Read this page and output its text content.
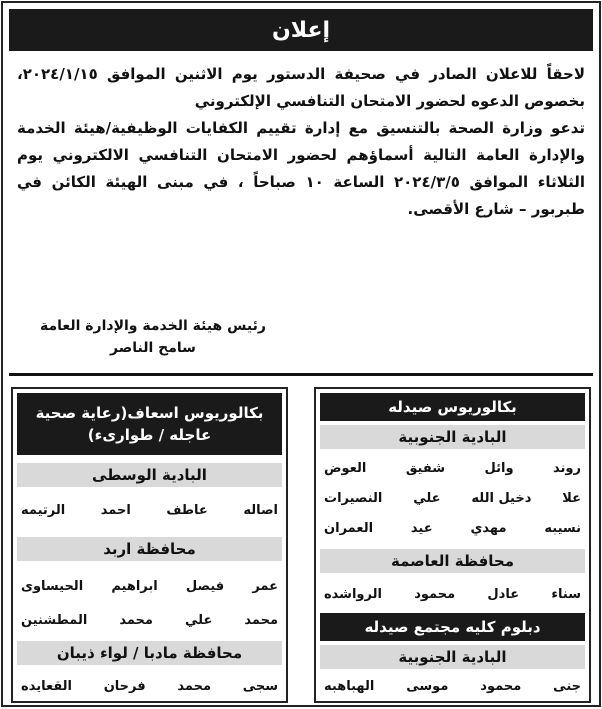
إعلان

لاحقاً للاعلان الصادر في صحيفة الدستور يوم الاثنين الموافق ٢٠٢٤/١/١٥، بخصوص الدعوه لحضور الامتحان التنافسي الإلكتروني

تدعو وزارة الصحة بالتنسيق مع إدارة تقييم الكفايات الوظيفية/هيئة الخدمة والإدارة العامة التالية أسماؤهم لحضور الامتحان التنافسي الالكتروني يوم الثلاثاء الموافق ٢٠٢٤/٣/٥ الساعة ١٠ صباحاً ، في مبنى الهيئة الكائن في طبربور – شارع الأقصى.

رئيس هيئة الخدمة والإدارة العامة
سامح الناصر
بكالوريوس صيدله
البادية الجنوبية
روند
وائل
شفيق
العوض
علا
دخيل الله
علي
النصيرات
نسيبه
مهدي
عيد
العمران
محافظة العاصمة
سناء
عادل
محمود
الرواشده
دبلوم كليه مجتمع صيدله
البادية الجنوبية
جنى
محمود
موسى
الهباهبه
بكالوريوس اسعاف(رعاية صحية
عاجله / طوارىء)
البادية الوسطى
اصاله
عاطف
احمد
الرتيمه
محافظة اربد
عمر
فيصل
ابراهيم
الحيساوى
محمد
علي
محمد
المطشنين
محافظة مادبا / لواء ذيبان
سجى
محمد
فرحان
القعايده
